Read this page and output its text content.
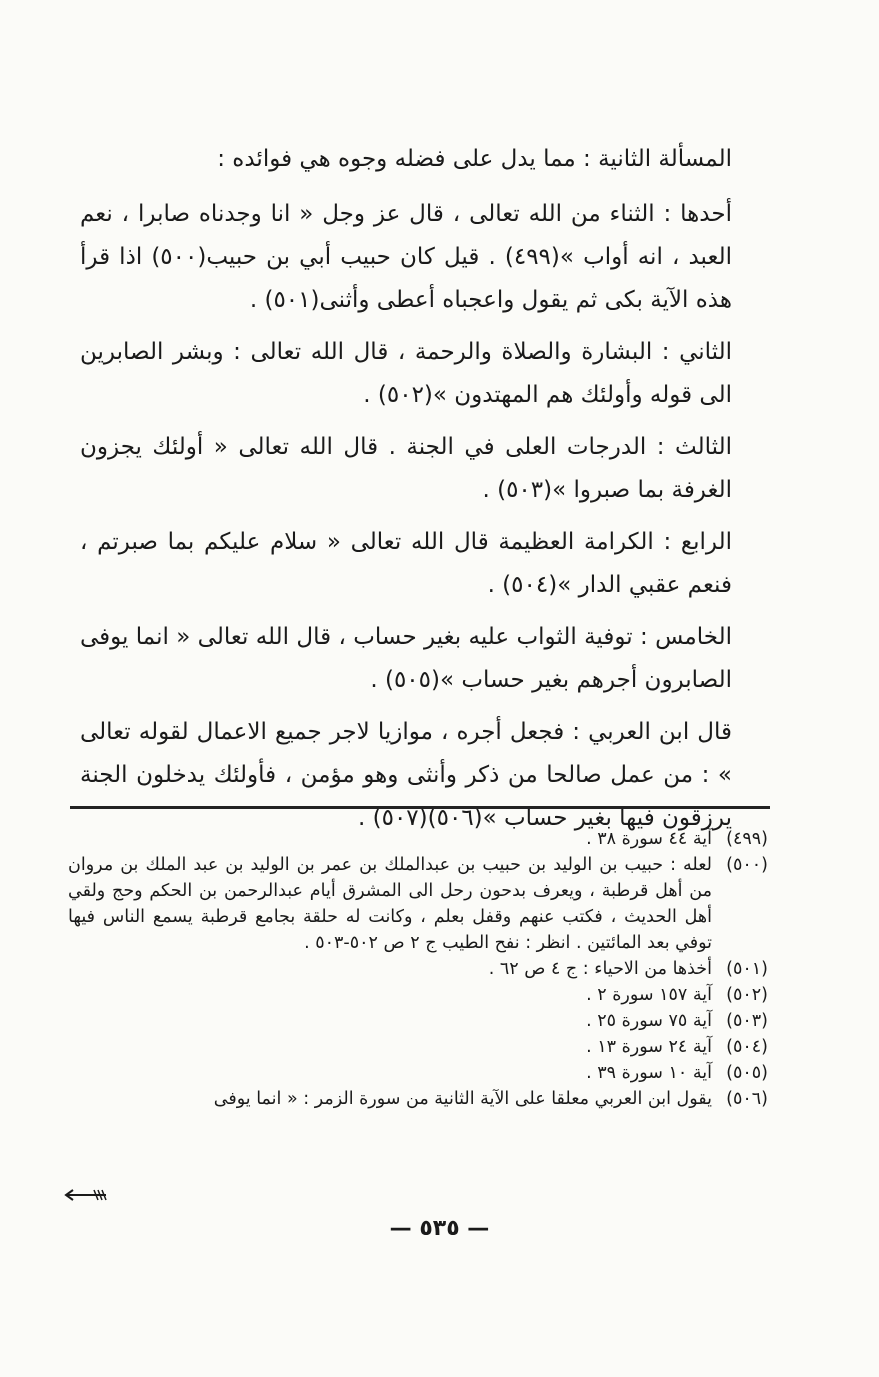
المسألة الثانية : مما يدل على فضله وجوه هي فوائده :

أحدها : الثناء من الله تعالى ، قال عز وجل « انا وجدناه صابرا ، نعم العبد ، انه أواب »(٤٩٩) . قيل كان حبيب أبي بن حبيب(٥٠٠) اذا قرأ هذه الآية بكى ثم يقول واعجباه أعطى وأثنى(٥٠١) .

الثاني : البشارة والصلاة والرحمة ، قال الله تعالى : وبشر الصابرين الى قوله وأولئك هم المهتدون »(٥٠٢) .

الثالث : الدرجات العلى في الجنة . قال الله تعالى « أولئك يجزون الغرفة بما صبروا »(٥٠٣) .

الرابع : الكرامة العظيمة قال الله تعالى « سلام عليكم بما صبرتم ، فنعم عقبي الدار »(٥٠٤) .

الخامس : توفية الثواب عليه بغير حساب ، قال الله تعالى « انما يوفى الصابرون أجرهم بغير حساب »(٥٠٥) .

قال ابن العربي : فجعل أجره ، موازيا لاجر جميع الاعمال لقوله تعالى » : من عمل صالحا من ذكر وأنثى وهو مؤمن ، فأولئك يدخلون الجنة يرزقون فيها بغير حساب »(٥٠٦)(٥٠٧) .

(٤٩٩)
آية ٤٤ سورة ٣٨ .
(٥٠٠)
لعله : حبيب بن الوليد بن حبيب بن عبدالملك بن عمر بن الوليد بن عبد الملك بن مروان من أهل قرطبة ، ويعرف بدحون رحل الى المشرق أيام عبدالرحمن بن الحكم وحج ولقي أهل الحديث ، فكتب عنهم وقفل بعلم ، وكانت له حلقة بجامع قرطبة يسمع الناس فيها توفي بعد المائتين . انظر : نفح الطيب ج ٢ ص ٥٠٢-٥٠٣ .
(٥٠١)
أخذها من الاحياء : ج ٤ ص ٦٢ .
(٥٠٢)
آية ١٥٧ سورة ٢ .
(٥٠٣)
آية ٧٥ سورة ٢٥ .
(٥٠٤)
آية ٢٤ سورة ١٣ .
(٥٠٥)
آية ١٠ سورة ٣٩ .
(٥٠٦)
يقول ابن العربي معلقا على الآية الثانية من سورة الزمر : « انما يوفى
— ٥٣٥ —
